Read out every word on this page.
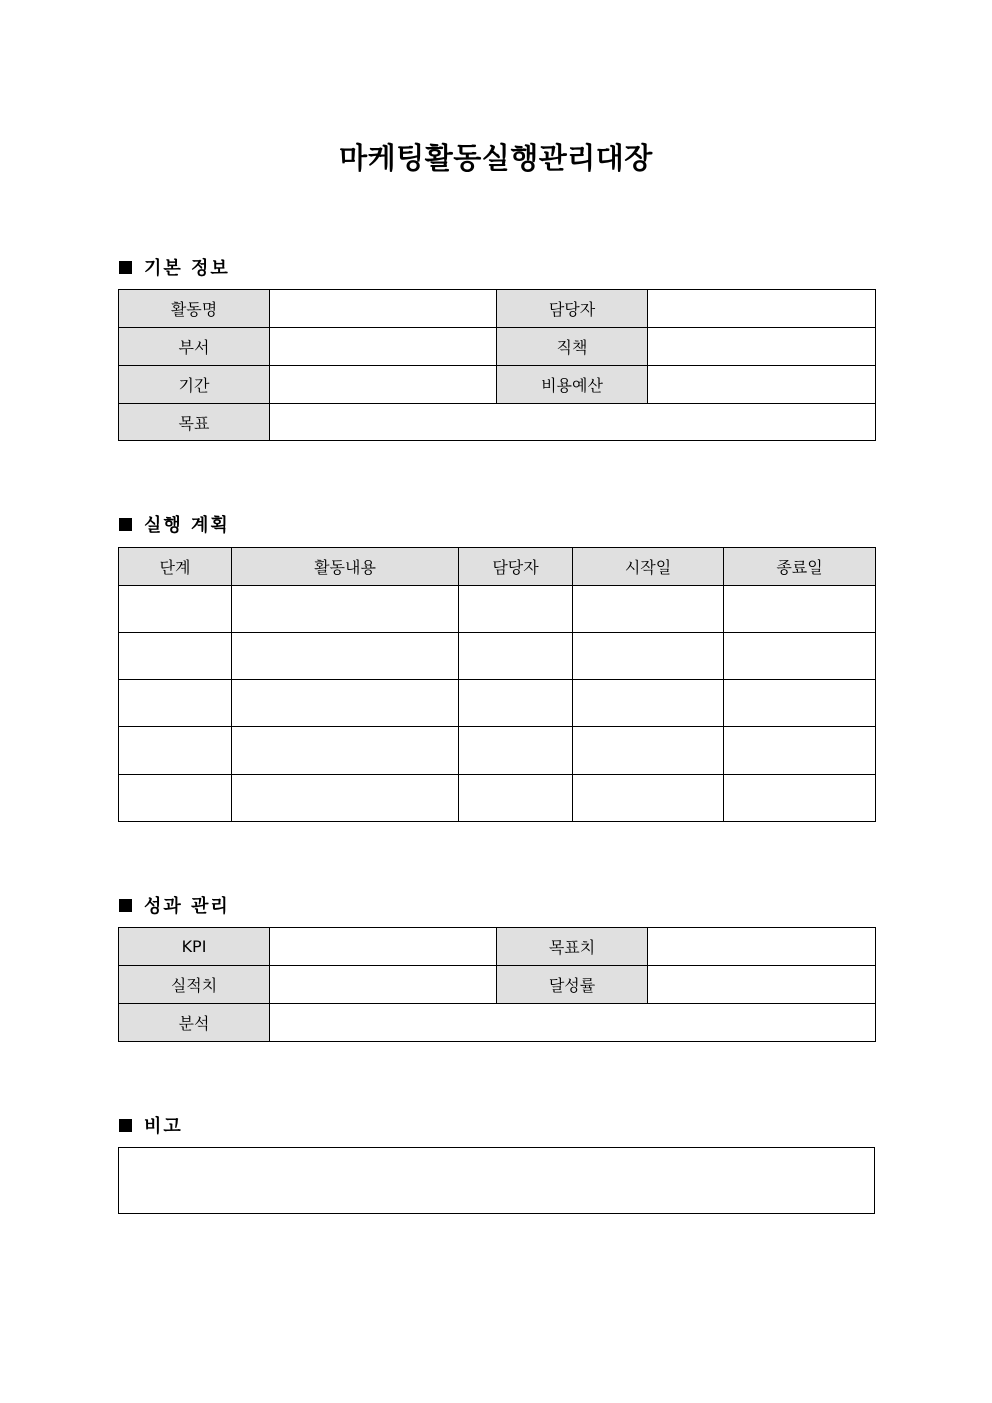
마케팅활동실행관리대장
기본 정보
활동명		담당자	
부서		직책	
기간		비용예산	
목표			
실행 계획
단계	활동내용	담당자	시작일	종료일

성과 관리
KPI		목표치	
실적치		달성률	
분석			
비고
